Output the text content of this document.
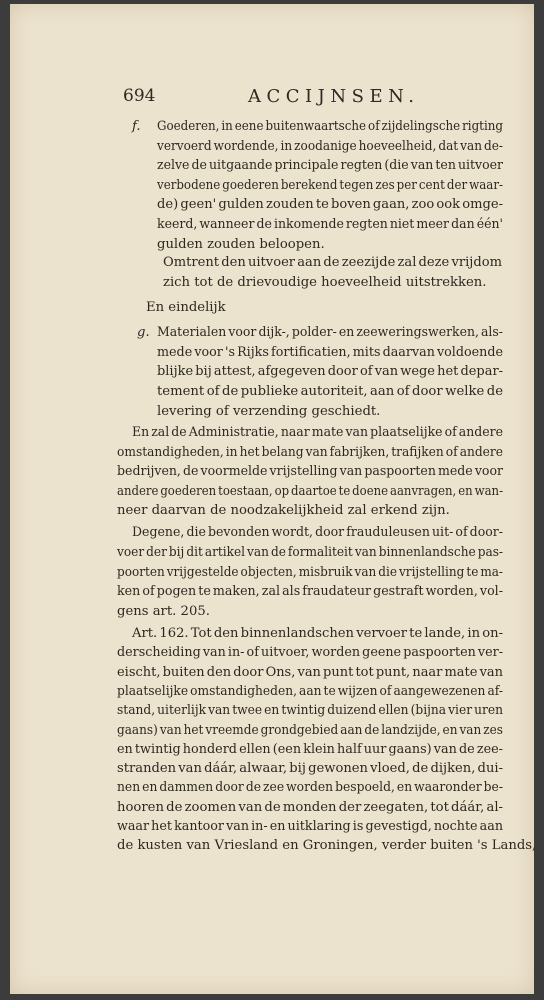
694	ACCIJNSEN.
f. Goederen, in eene buitenwaartsche of zijdelingsche rigting
vervoerd wordende, in zoodanige hoeveelheid, dat van de-
zelve de uitgaande principale regten (die van ten uitvoer
verbodene goederen berekend tegen zes per cent der waar-
de) geen' gulden zouden te boven gaan, zoo ook omge-
keerd, wanneer de inkomende regten niet meer dan één'
gulden zouden beloopen.
Omtrent den uitvoer aan de zeezijde zal deze vrijdom
zich tot de drievoudige hoeveelheid uitstrekken.
En eindelijk
g. Materialen voor dijk-, polder- en zeeweringswerken, als-
mede voor 's Rijks fortificatien, mits daarvan voldoende
blijke bij attest, afgegeven door of van wege het depar-
tement of de publieke autoriteit, aan of door welke de
levering of verzending geschiedt.
En zal de Administratie, naar mate van plaatselijke of andere
omstandigheden, in het belang van fabrijken, trafijken of andere
bedrijven, de voormelde vrijstelling van paspoorten mede voor
andere goederen toestaan, op daartoe te doene aanvragen, en wan-
neer daarvan de noodzakelijkheid zal erkend zijn.
Degene, die bevonden wordt, door frauduleusen uit- of door-
voer der bij dit artikel van de formaliteit van binnenlandsche pas-
poorten vrijgestelde objecten, misbruik van die vrijstelling te ma-
ken of pogen te maken, zal als fraudateur gestraft worden, vol-
gens art. 205.
Art. 162. Tot den binnenlandschen vervoer te lande, in on-
derscheiding van in- of uitvoer, worden geene paspoorten ver-
eischt, buiten den door Ons, van punt tot punt, naar mate van
plaatselijke omstandigheden, aan te wijzen of aangewezenen af-
stand, uiterlijk van twee en twintig duizend ellen (bijna vier uren
gaans) van het vreemde grondgebied aan de landzijde, en van zes
en twintig honderd ellen (een klein half uur gaans) van de zee-
stranden van dáár, alwaar, bij gewonen vloed, de dijken, dui-
nen en dammen door de zee worden bespoeld, en waaronder be-
hooren de zoomen van de monden der zeegaten, tot dáár, al-
waar het kantoor van in- en uitklaring is gevestigd, nochte aan
de kusten van Vriesland en Groningen, verder buiten 's Lands,
